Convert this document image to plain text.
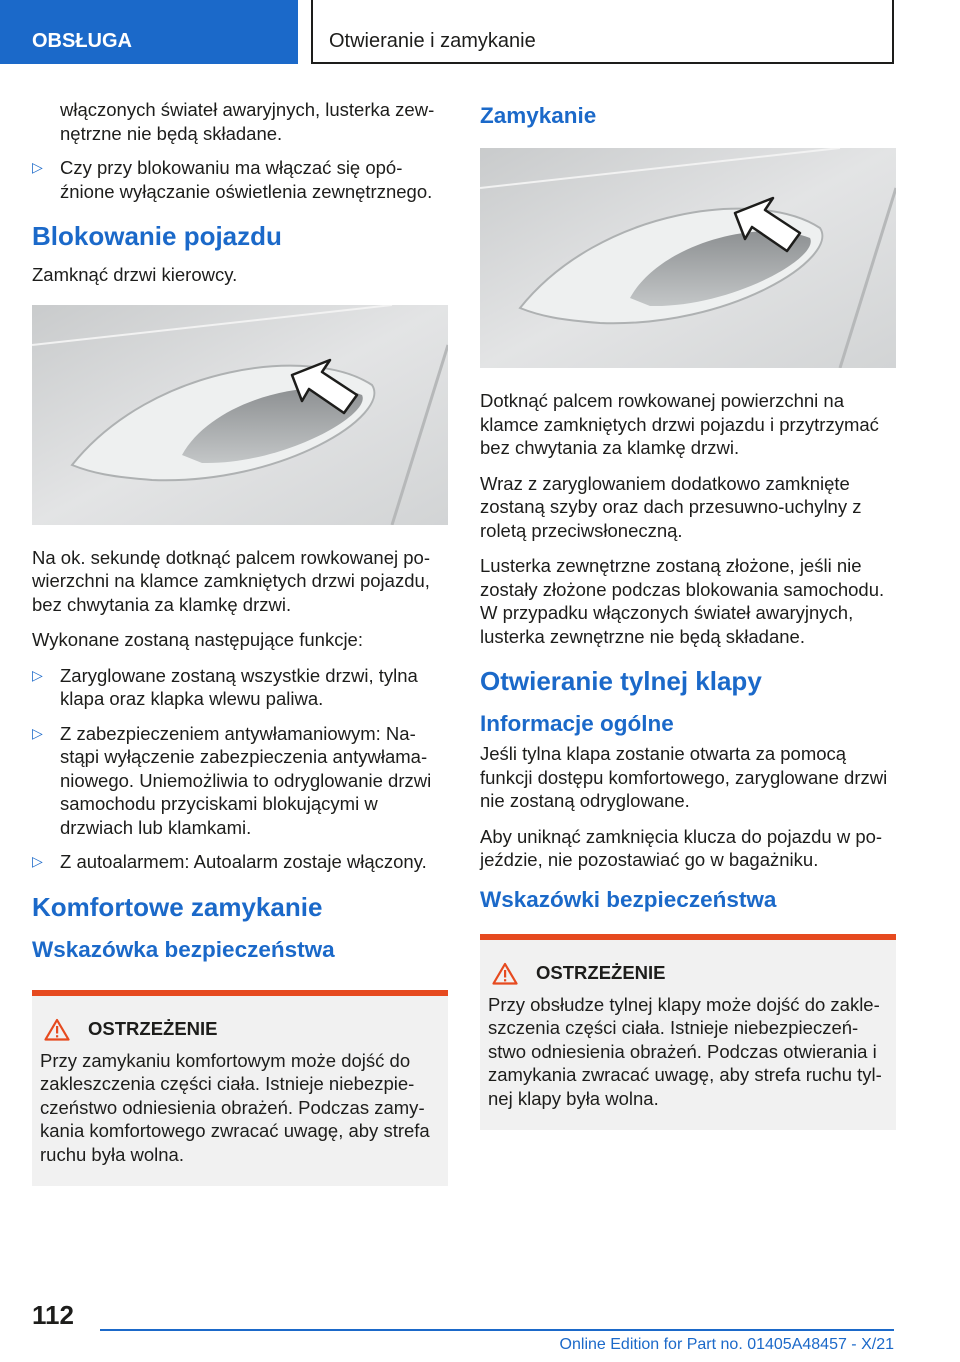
OBSŁUGA	Otwieranie i zamykanie
włączonych świateł awaryjnych, lusterka zewnętrzne nie będą składane.
▷ Czy przy blokowaniu ma włączać się opóźnione wyłączanie oświetlenia zewnętrznego.
Blokowanie pojazdu

Zamknąć drzwi kierowcy.

Na ok. sekundę dotknąć palcem rowkowanej powierzchni na klamce zamkniętych drzwi pojazdu, bez chwytania za klamkę drzwi.

Wykonane zostaną następujące funkcje:

▷ Zaryglowane zostaną wszystkie drzwi, tylna klapa oraz klapka wlewu paliwa.
▷ Z zabezpieczeniem antywłamaniowym: Nastąpi wyłączenie zabezpieczenia antywłamaniowego. Uniemożliwia to odryglowanie drzwi samochodu przyciskami blokującymi w drzwiach lub klamkami.
▷ Z autoalarmem: Autoalarm zostaje włączony.
Komfortowe zamykanie
Wskazówka bezpieczeństwa
OSTRZEŻENIE

Przy zamykaniu komfortowym może dojść do zakleszczenia części ciała. Istnieje niebezpieczeństwo odniesienia obrażeń. Podczas zamykania komfortowego zwracać uwagę, aby strefa ruchu była wolna.

Zamykanie

Dotknąć palcem rowkowanej powierzchni na klamce zamkniętych drzwi pojazdu i przytrzymać bez chwytania za klamkę drzwi.

Wraz z zaryglowaniem dodatkowo zamknięte zostaną szyby oraz dach przesuwno-uchylny z roletą przeciwsłoneczną.

Lusterka zewnętrzne zostaną złożone, jeśli nie zostały złożone podczas blokowania samochodu. W przypadku włączonych świateł awaryjnych, lusterka zewnętrzne nie będą składane.

Otwieranie tylnej klapy
Informacje ogólne

Jeśli tylna klapa zostanie otwarta za pomocą funkcji dostępu komfortowego, zaryglowane drzwi nie zostaną odryglowane.

Aby uniknąć zamknięcia klucza do pojazdu w pojeździe, nie pozostawiać go w bagażniku.

Wskazówki bezpieczeństwa
OSTRZEŻENIE

Przy obsłudze tylnej klapy może dojść do zakleszczenia części ciała. Istnieje niebezpieczeństwo odniesienia obrażeń. Podczas otwierania i zamykania zwracać uwagę, aby strefa ruchu tylnej klapy była wolna.

112
Online Edition for Part no. 01405A48457 - X/21
